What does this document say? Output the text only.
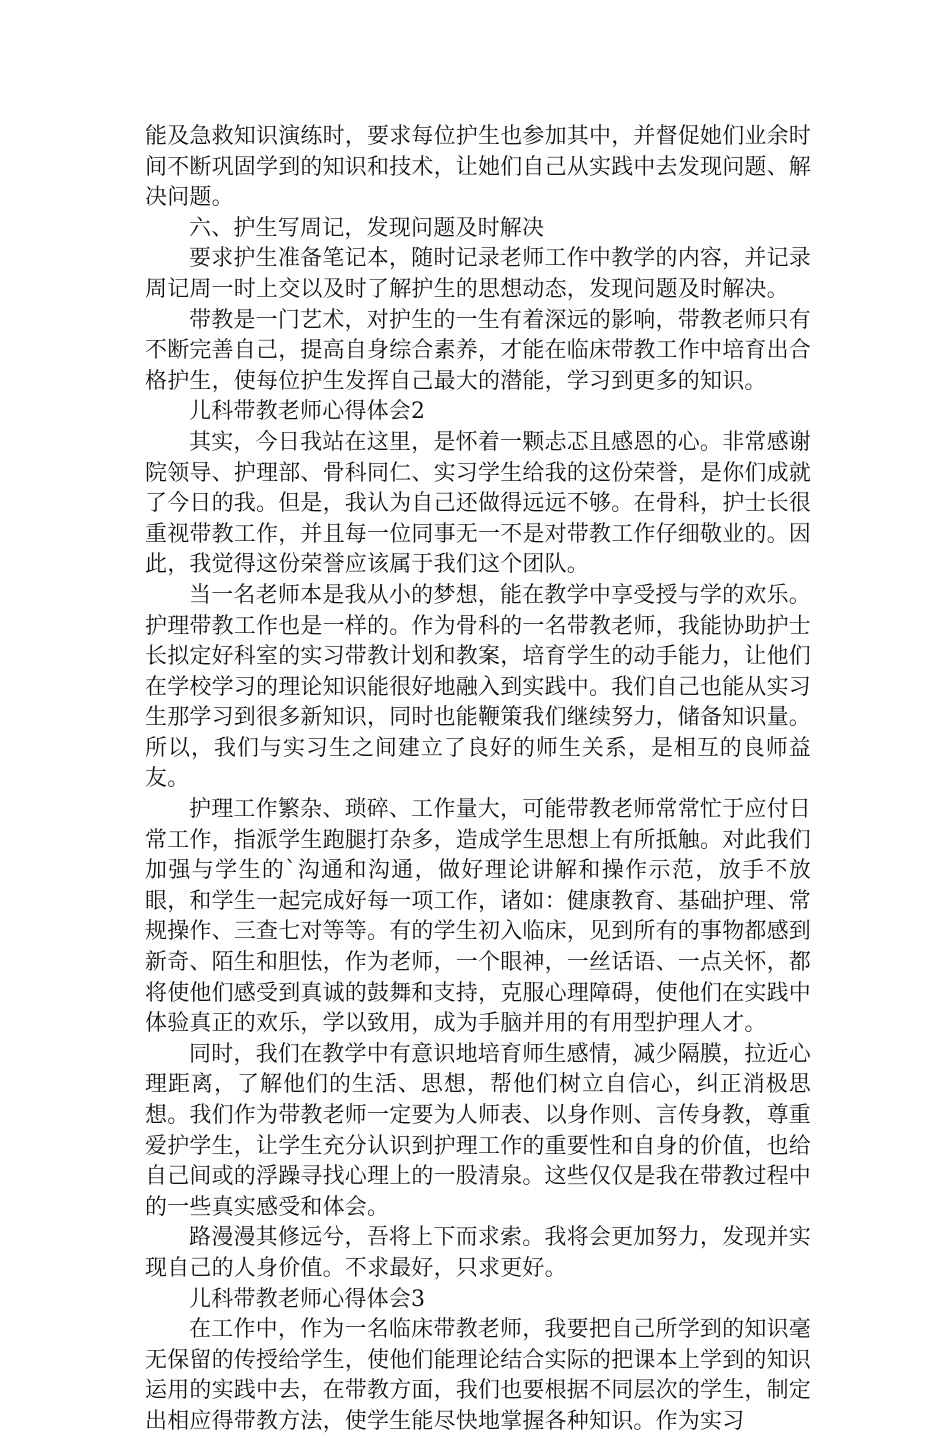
能及急救知识演练时，要求每位护生也参加其中，并督促她们业余时间不断巩固学到的知识和技术，让她们自己从实践中去发现问题、解决问题。

六、护生写周记，发现问题及时解决

要求护生准备笔记本，随时记录老师工作中教学的内容，并记录周记周一时上交以及时了解护生的思想动态，发现问题及时解决。

带教是一门艺术，对护生的一生有着深远的影响，带教老师只有不断完善自己，提高自身综合素养，才能在临床带教工作中培育出合格护生，使每位护生发挥自己最大的潜能，学习到更多的知识。

儿科带教老师心得体会2

其实，今日我站在这里，是怀着一颗忐忑且感恩的心。非常感谢院领导、护理部、骨科同仁、实习学生给我的这份荣誉，是你们成就了今日的我。但是，我认为自己还做得远远不够。在骨科，护士长很重视带教工作，并且每一位同事无一不是对带教工作仔细敬业的。因此，我觉得这份荣誉应该属于我们这个团队。

当一名老师本是我从小的梦想，能在教学中享受授与学的欢乐。护理带教工作也是一样的。作为骨科的一名带教老师，我能协助护士长拟定好科室的实习带教计划和教案，培育学生的动手能力，让他们在学校学习的理论知识能很好地融入到实践中。我们自己也能从实习生那学习到很多新知识，同时也能鞭策我们继续努力，储备知识量。所以，我们与实习生之间建立了良好的师生关系，是相互的良师益友。

护理工作繁杂、琐碎、工作量大，可能带教老师常常忙于应付日常工作，指派学生跑腿打杂多，造成学生思想上有所抵触。对此我们加强与学生的`沟通和沟通，做好理论讲解和操作示范，放手不放眼，和学生一起完成好每一项工作，诸如：健康教育、基础护理、常规操作、三查七对等等。有的学生初入临床，见到所有的事物都感到新奇、陌生和胆怯，作为老师，一个眼神，一丝话语、一点关怀，都将使他们感受到真诚的鼓舞和支持，克服心理障碍，使他们在实践中体验真正的欢乐，学以致用，成为手脑并用的有用型护理人才。

同时，我们在教学中有意识地培育师生感情，减少隔膜，拉近心理距离，了解他们的生活、思想，帮他们树立自信心，纠正消极思想。我们作为带教老师一定要为人师表、以身作则、言传身教，尊重爱护学生，让学生充分认识到护理工作的重要性和自身的价值，也给自己间或的浮躁寻找心理上的一股清泉。这些仅仅是我在带教过程中的一些真实感受和体会。

路漫漫其修远兮，吾将上下而求索。我将会更加努力，发现并实现自己的人身价值。不求最好，只求更好。

儿科带教老师心得体会3

在工作中，作为一名临床带教老师，我要把自己所学到的知识毫无保留的传授给学生，使他们能理论结合实际的把课本上学到的知识运用的实践中去，在带教方面，我们也要根据不同层次的学生，制定出相应得带教方法，使学生能尽快地掌握各种知识。作为实习
